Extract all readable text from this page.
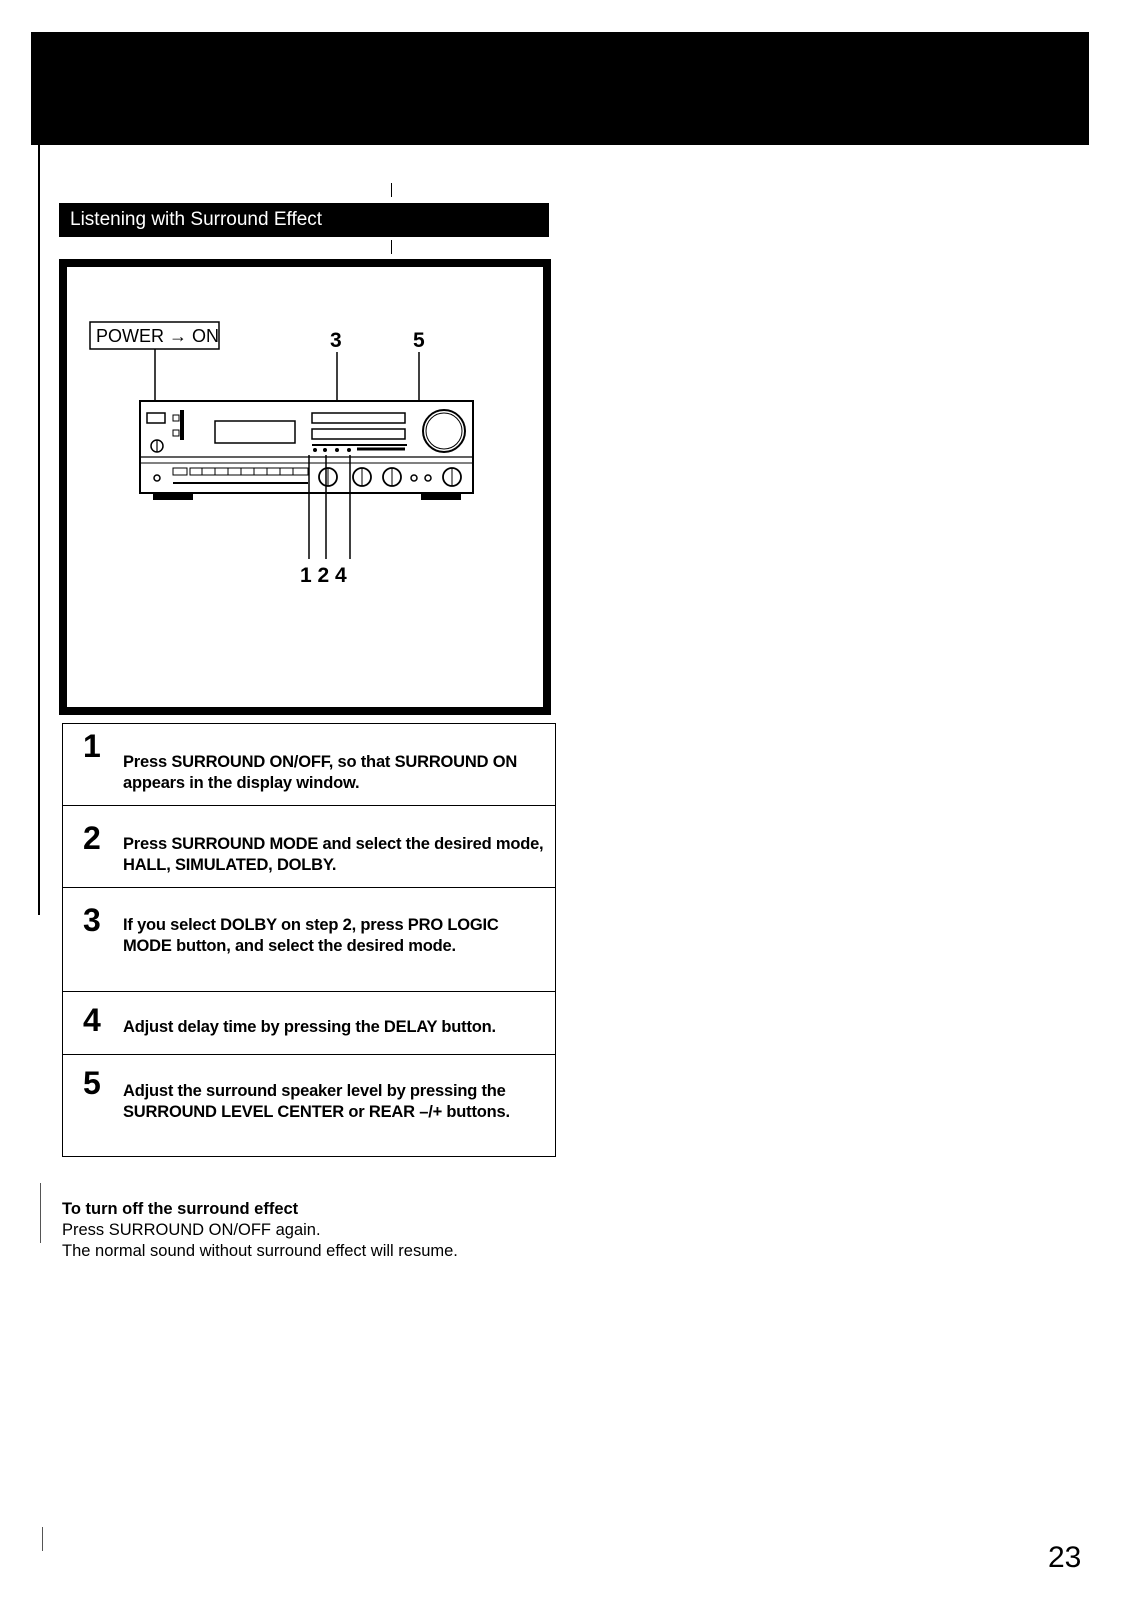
Listening with Surround Effect
POWER → ON	3	5
1 2 4
1 Press SURROUND ON/OFF, so that SURROUND ON appears in the display window.
2 Press SURROUND MODE and select the desired mode, HALL, SIMULATED, DOLBY.
3 If you select DOLBY on step 2, press PRO LOGIC MODE button, and select the desired mode.
4 Adjust delay time by pressing the DELAY button.
5 Adjust the surround speaker level by pressing the SURROUND LEVEL CENTER or REAR –/+ buttons.
To turn off the surround effect
Press SURROUND ON/OFF again.
The normal sound without surround effect will resume.
23
